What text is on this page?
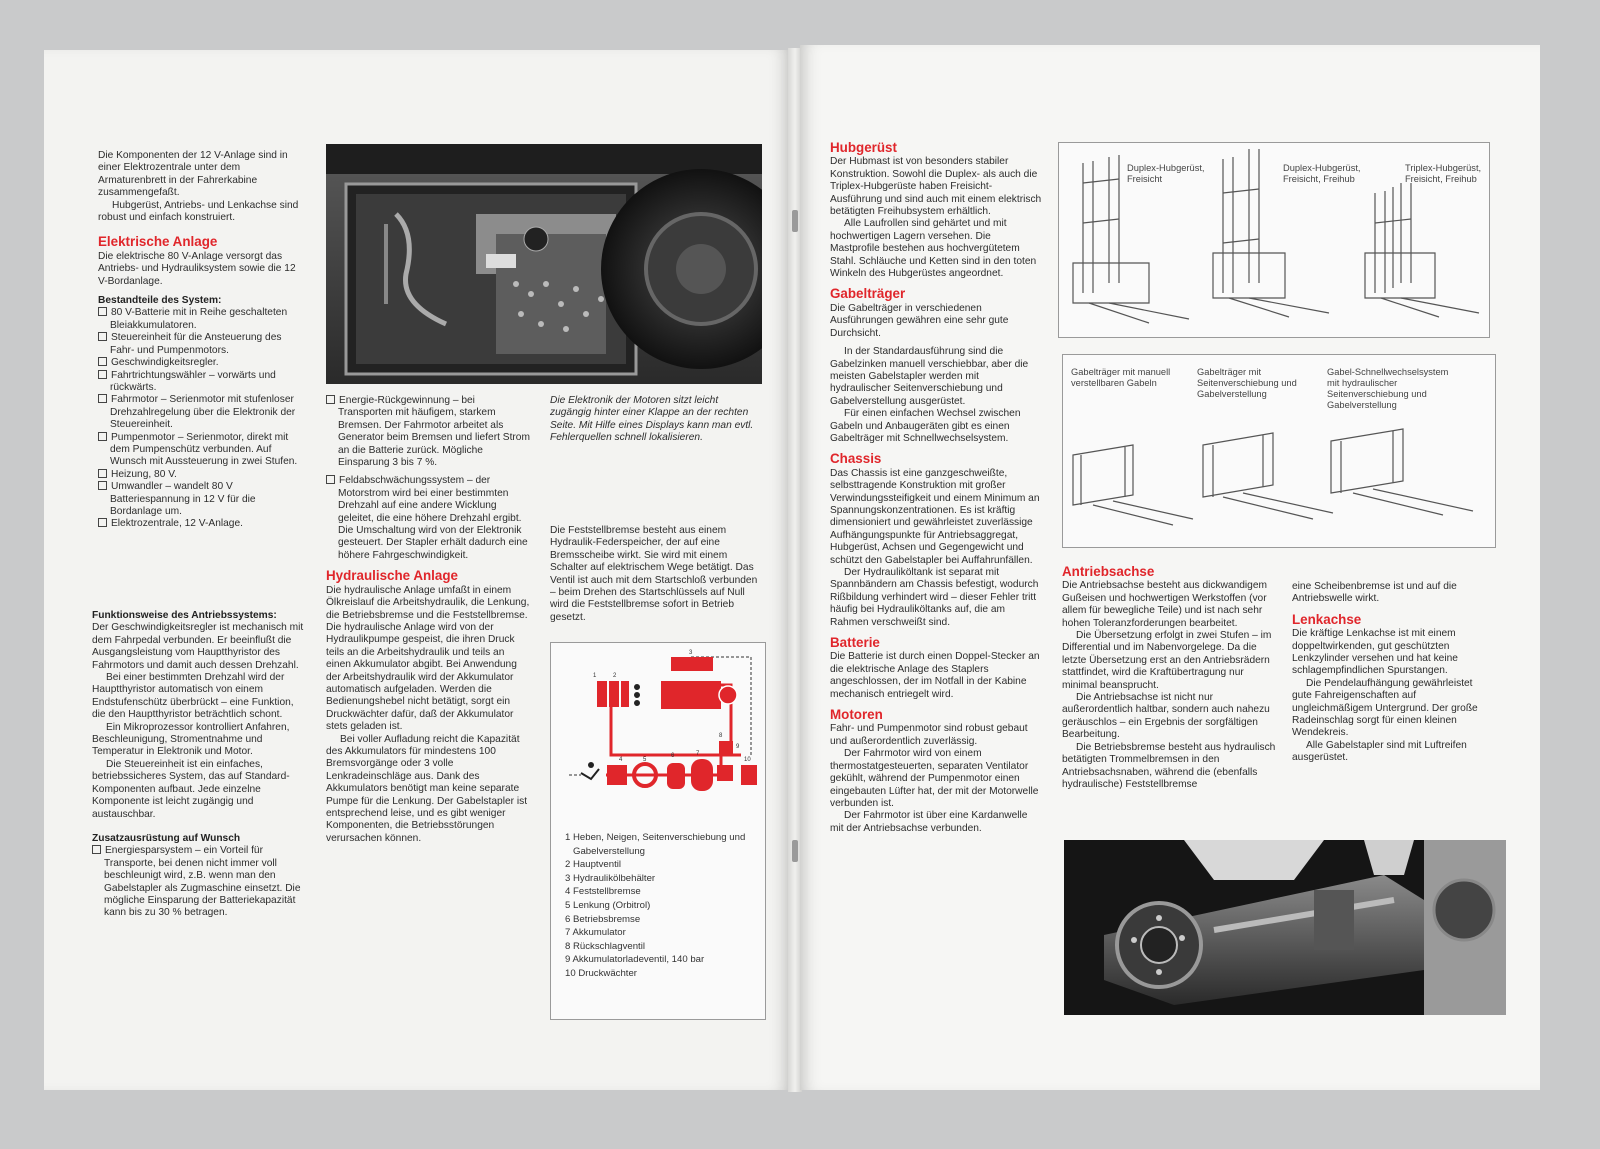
Die Komponenten der 12 V-Anlage sind in einer Elektrozentrale unter dem Armaturenbrett in der Fahrerkabine zusammengefaßt.

Hubgerüst, Antriebs- und Lenkachse sind robust und einfach konstruiert.

Elektrische Anlage

Die elektrische 80 V-Anlage versorgt das Antriebs- und Hydrauliksystem sowie die 12 V-Bordanlage.

Bestandteile des System:

80 V-Batterie mit in Reihe geschalteten Bleiakkumulatoren.

Steuereinheit für die Ansteuerung des Fahr- und Pumpenmotors.

Geschwindigkeitsregler.

Fahrtrichtungswähler – vorwärts und rückwärts.

Fahrmotor – Serienmotor mit stufenloser Drehzahlregelung über die Elektronik der Steuereinheit.

Pumpenmotor – Serienmotor, direkt mit dem Pumpenschütz verbunden. Auf Wunsch mit Aussteuerung in zwei Stufen.

Heizung, 80 V.

Umwandler – wandelt 80 V Batteriespannung in 12 V für die Bordanlage um.

Elektrozentrale, 12 V-Anlage.

Funktionsweise des Antriebssystems:

Der Geschwindigkeitsregler ist mechanisch mit dem Fahrpedal verbunden. Er beeinflußt die Ausgangsleistung vom Hauptthyristor des Fahrmotors und damit auch dessen Drehzahl.

Bei einer bestimmten Drehzahl wird der Hauptthyristor automatisch von einem Endstufenschütz überbrückt – eine Funktion, die den Hauptthyristor beträchtlich schont.

Ein Mikroprozessor kontrolliert Anfahren, Beschleunigung, Stromentnahme und Temperatur in Elektronik und Motor.

Die Steuereinheit ist ein einfaches, betriebssicheres System, das auf Standard-Komponenten aufbaut. Jede einzelne Komponente ist leicht zugängig und austauschbar.

Zusatzausrüstung auf Wunsch

Energiesparsystem – ein Vorteil für Transporte, bei denen nicht immer voll beschleunigt wird, z.B. wenn man den Gabelstapler als Zugmaschine einsetzt. Die mögliche Einsparung der Batteriekapazität kann bis zu 30 % betragen.

Energie-Rückgewinnung – bei Transporten mit häufigem, starkem Bremsen. Der Fahrmotor arbeitet als Generator beim Bremsen und liefert Strom an die Batterie zurück. Mögliche Einsparung 3 bis 7 %.

Feldabschwächungssystem – der Motorstrom wird bei einer bestimmten Drehzahl auf eine andere Wicklung geleitet, die eine höhere Drehzahl ergibt. Die Umschaltung wird von der Elektronik gesteuert. Der Stapler erhält dadurch eine höhere Fahrgeschwindigkeit.

Hydraulische Anlage

Die hydraulische Anlage umfaßt in einem Ölkreislauf die Arbeitshydraulik, die Lenkung, die Betriebsbremse und die Feststellbremse. Die hydraulische Anlage wird von der Hydraulikpumpe gespeist, die ihren Druck teils an die Arbeitshydraulik und teils an einen Akkumulator abgibt. Bei Anwendung der Arbeitshydraulik wird der Akkumulator automatisch aufgeladen. Werden die Bedienungshebel nicht betätigt, sorgt ein Druckwächter dafür, daß der Akkumulator stets geladen ist.

Bei voller Aufladung reicht die Kapazität des Akkumulators für mindestens 100 Bremsvorgänge oder 3 volle Lenkradeinschläge aus. Dank des Akkumulators benötigt man keine separate Pumpe für die Lenkung. Der Gabelstapler ist entsprechend leise, und es gibt weniger Komponenten, die Betriebsstörungen verursachen können.

Die Elektronik der Motoren sitzt leicht zugängig hinter einer Klappe an der rechten Seite. Mit Hilfe eines Displays kann man evtl. Fehlerquellen schnell lokalisieren.
Die Feststellbremse besteht aus einem Hydraulik-Federspeicher, der auf eine Bremsscheibe wirkt. Sie wird mit einem Schalter auf elektrischem Wege betätigt. Das Ventil ist auch mit dem Startschloß verbunden – beim Drehen des Startschlüssels auf Null wird die Feststellbremse sofort in Betrieb gesetzt.
3
2
1
4	5
6	7
8
9
10

1 Heben, Neigen, Seitenverschiebung und Gabelverstellung

2 Hauptventil

3 Hydraulikölbehälter

4 Feststellbremse

5 Lenkung (Orbitrol)

6 Betriebsbremse

7 Akkumulator

8 Rückschlagventil

9 Akkumulatorladeventil, 140 bar

10 Druckwächter

Hubgerüst

Der Hubmast ist von besonders stabiler Konstruktion. Sowohl die Duplex- als auch die Triplex-Hubgerüste haben Freisicht-Ausführung und sind auch mit einem elektrisch betätigten Freihubsystem erhältlich.

Alle Laufrollen sind gehärtet und mit hochwertigen Lagern versehen. Die Mastprofile bestehen aus hochvergütetem Stahl. Schläuche und Ketten sind in den toten Winkeln des Hubgerüstes angeordnet.

Gabelträger

Die Gabelträger in verschiedenen Ausführungen gewähren eine sehr gute Durchsicht.

In der Standardausführung sind die Gabelzinken manuell verschiebbar, aber die meisten Gabelstapler werden mit hydraulischer Seitenverschiebung und Gabelverstellung ausgerüstet.

Für einen einfachen Wechsel zwischen Gabeln und Anbaugeräten gibt es einen Gabelträger mit Schnellwechselsystem.

Chassis

Das Chassis ist eine ganzgeschweißte, selbsttragende Konstruktion mit großer Verwindungssteifigkeit und einem Minimum an Spannungskonzentrationen. Es ist kräftig dimensioniert und gewährleistet zuverlässige Aufhängungspunkte für Antriebsaggregat, Hubgerüst, Achsen und Gegengewicht und schützt den Gabelstapler bei Auffahrunfällen.

Der Hydrauliköltank ist separat mit Spannbändern am Chassis befestigt, wodurch Rißbildung verhindert wird – dieser Fehler tritt häufig bei Hydrauliköltanks auf, die am Rahmen verschweißt sind.

Batterie

Die Batterie ist durch einen Doppel-Stecker an die elektrische Anlage des Staplers angeschlossen, der im Notfall in der Kabine mechanisch entriegelt wird.

Motoren

Fahr- und Pumpenmotor sind robust gebaut und außerordentlich zuverlässig.

Der Fahrmotor wird von einem thermostatgesteuerten, separaten Ventilator gekühlt, während der Pumpenmotor einen eingebauten Lüfter hat, der mit der Motorwelle verbunden ist.

Der Fahrmotor ist über eine Kardanwelle mit der Antriebsachse verbunden.

Duplex-Hubgerüst, Freisicht
Duplex-Hubgerüst, Freisicht, Freihub
Triplex-Hubgerüst, Freisicht, Freihub
Gabelträger mit manuell verstellbaren Gabeln
Gabelträger mit Seitenverschiebung und Gabelverstellung
Gabel-Schnellwechselsystem mit hydraulischer Seitenverschiebung und Gabelverstellung
Antriebsachse

Die Antriebsachse besteht aus dickwandigem Gußeisen und hochwertigen Werkstoffen (vor allem für bewegliche Teile) und ist nach sehr hohen Toleranzforderungen bearbeitet.

Die Übersetzung erfolgt in zwei Stufen – im Differential und im Nabenvorgelege. Da die letzte Übersetzung erst an den Antriebsrädern stattfindet, wird die Kraftübertragung nur minimal beansprucht.

Die Antriebsachse ist nicht nur außerordentlich haltbar, sondern auch nahezu geräuschlos – ein Ergebnis der sorgfältigen Bearbeitung.

Die Betriebsbremse besteht aus hydraulisch betätigten Trommelbremsen in den Antriebsachsnaben, während die (ebenfalls hydraulische) Feststellbremse

eine Scheibenbremse ist und auf die Antriebswelle wirkt.

Lenkachse

Die kräftige Lenkachse ist mit einem doppeltwirkenden, gut geschützten Lenkzylinder versehen und hat keine schlagempfindlichen Spurstangen.

Die Pendelaufhängung gewährleistet gute Fahreigenschaften auf ungleichmäßigem Untergrund. Der große Radeinschlag sorgt für einen kleinen Wendekreis.

Alle Gabelstapler sind mit Luftreifen ausgerüstet.
